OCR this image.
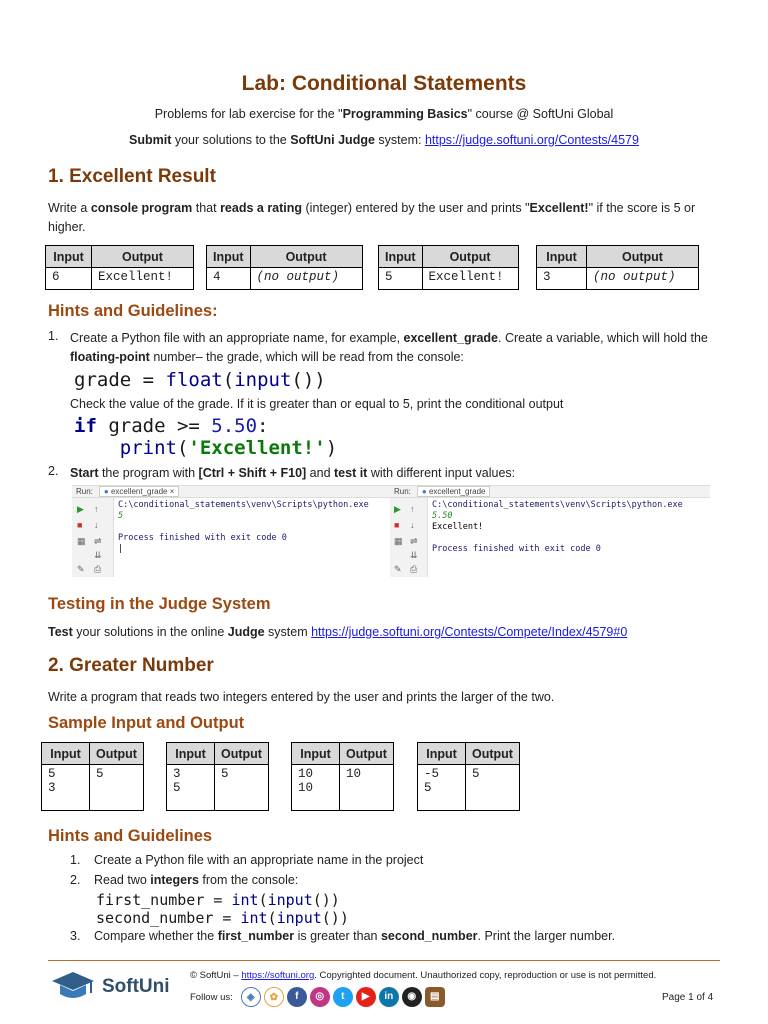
Lab: Conditional Statements
Problems for lab exercise for the "Programming Basics" course @ SoftUni Global
Submit your solutions to the SoftUni Judge system: https://judge.softuni.org/Contests/4579
1. Excellent Result

Write a console program that reads a rating (integer) entered by the user and prints "Excellent!" if the score is 5 or higher.

Input	Output
6	Excellent!
Input	Output
4	(no output)
Input	Output
5	Excellent!
Input	Output
3	(no output)
Hints and Guidelines:
1. Create a Python file with an appropriate name, for example, excellent_grade. Create a variable, which will hold the floating-point number– the grade, which will be read from the console:

grade = float(input())

Check the value of the grade. If it is greater than or equal to 5, print the conditional output

if grade >= 5.50:
print('Excellent!')
2. Start the program with [Ctrl + Shift + F10] and test it with different input values:

Run:	● excellent_grade ×
▶ ↑
■ ↓
▦ ⇌
⇊
✎ ⎙
C:\conditional_statements\venv\Scripts\python.exe
5

Process finished with exit code 0
|
Run:	● excellent_grade
▶ ↑
■ ↓
▦ ⇌
⇊
✎ ⎙
C:\conditional_statements\venv\Scripts\python.exe
5.50
Excellent!

Process finished with exit code 0
Testing in the Judge System

Test your solutions in the online Judge system https://judge.softuni.org/Contests/Compete/Index/4579#0

2. Greater Number

Write a program that reads two integers entered by the user and prints the larger of the two.

Sample Input and Output
Input	Output
5
3	5
Input	Output
3
5	5
Input	Output
10
10	10
Input	Output
-5
5	5
Hints and Guidelines
1. Create a Python file with an appropriate name in the project
2. Read two integers from the console:
first_number = int(input())
second_number = int(input())
3. Compare whether the first_number is greater than second_number. Print the larger number.
SoftUni
© SoftUni – https://softuni.org. Copyrighted document. Unauthorized copy, reproduction or use is not permitted.
Follow us:	◈	✿	f	◎	t	▶	in	◉	▤	Page 1 of 4
